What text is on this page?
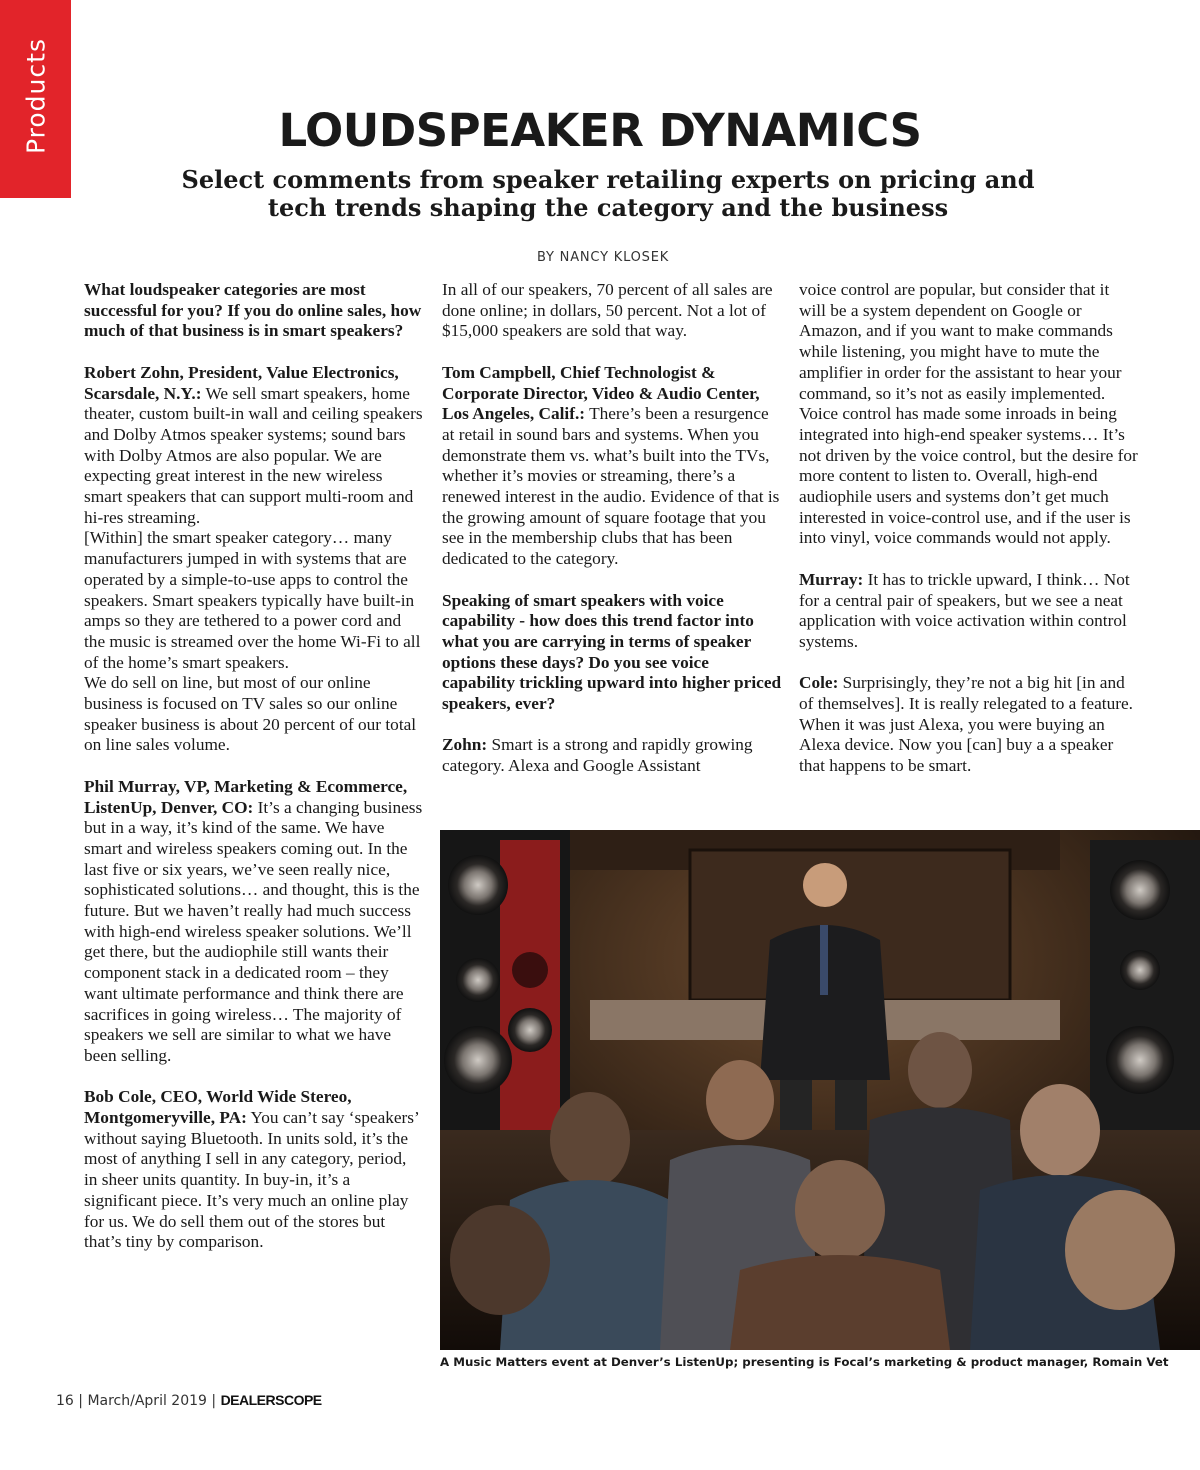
Products	LOUDSPEAKER DYNAMICS
Select comments from speaker retailing experts on pricing and
tech trends shaping the category and the business
BY NANCY KLOSEK

What loudspeaker categories are most successful for you? If you do online sales, how much of that business is in smart speakers?

Robert Zohn, President, Value Electronics, Scarsdale, N.Y.: We sell smart speakers, home theater, custom built-in wall and ceiling speakers and Dolby Atmos speaker systems; sound bars with Dolby Atmos are also popular. We are expecting great interest in the new wireless smart speakers that can support multi-room and hi-res streaming.

[Within] the smart speaker category… many manufacturers jumped in with systems that are operated by a simple-to-use apps to control the speakers. Smart speakers typically have built-in amps so they are tethered to a power cord and the music is streamed over the home Wi-Fi to all of the home’s smart speakers.

We do sell on line, but most of our online business is focused on TV sales so our online speaker business is about 20 percent of our total on line sales volume.

Phil Murray, VP, Marketing & Ecommerce, ListenUp, Denver, CO: It’s a changing business but in a way, it’s kind of the same. We have smart and wireless speakers coming out. In the last five or six years, we’ve seen really nice, sophisticated solutions… and thought, this is the future. But we haven’t really had much success with high-end wireless speaker solutions. We’ll get there, but the audiophile still wants their component stack in a dedicated room – they want ultimate performance and think there are sacrifices in going wireless… The majority of speakers we sell are similar to what we have been selling.

Bob Cole, CEO, World Wide Stereo, Montgomeryville, PA: You can’t say ‘speakers’ without saying Bluetooth. In units sold, it’s the most of anything I sell in any category, period, in sheer units quantity. In buy-in, it’s a significant piece. It’s very much an online play for us. We do sell them out of the stores but that’s tiny by comparison.

In all of our speakers, 70 percent of all sales are done online; in dollars, 50 percent. Not a lot of $15,000 speakers are sold that way.

Tom Campbell, Chief Technologist & Corporate Director, Video & Audio Center, Los Angeles, Calif.: There’s been a resurgence at retail in sound bars and systems. When you demonstrate them vs. what’s built into the TVs, whether it’s movies or streaming, there’s a renewed interest in the audio. Evidence of that is the growing amount of square footage that you see in the membership clubs that has been dedicated to the category.

Speaking of smart speakers with voice capability - how does this trend factor into what you are carrying in terms of speaker options these days? Do you see voice capability trickling upward into higher priced speakers, ever?

Zohn: Smart is a strong and rapidly growing category. Alexa and Google Assistant

voice control are popular, but consider that it will be a system dependent on Google or Amazon, and if you want to make commands while listening, you might have to mute the amplifier in order for the assistant to hear your command, so it’s not as easily implemented. Voice control has made some inroads in being integrated into high-end speaker systems… It’s not driven by the voice control, but the desire for more content to listen to. Overall, high-end audiophile users and systems don’t get much interested in voice-control use, and if the user is into vinyl, voice commands would not apply.

Murray: It has to trickle upward, I think… Not for a central pair of speakers, but we see a neat application with voice activation within control systems.

Cole: Surprisingly, they’re not a big hit [in and of themselves]. It is really relegated to a feature. When it was just Alexa, you were buying an Alexa device. Now you [can] buy a a speaker that happens to be smart.

A Music Matters event at Denver’s ListenUp; presenting is Focal’s marketing & product manager, Romain Vet
16 | March/April 2019 | DEALERSCOPE
